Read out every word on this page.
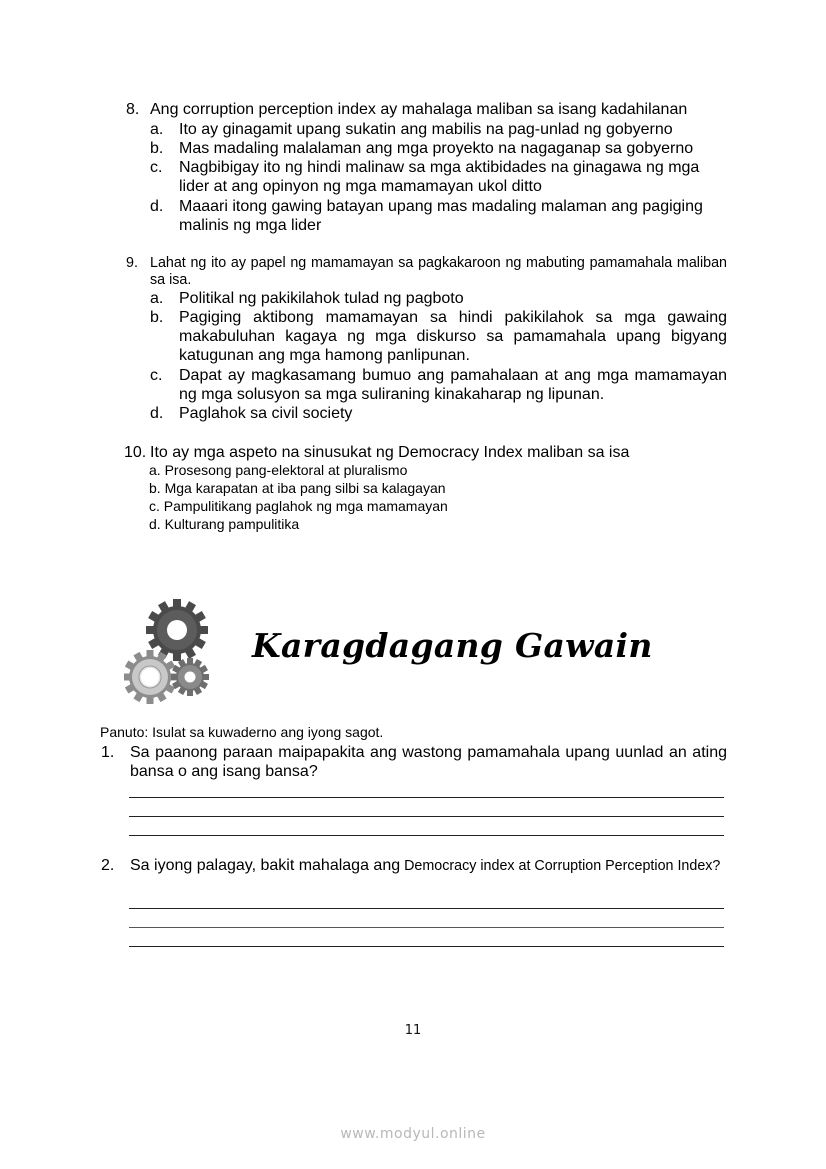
8. Ang corruption perception index ay mahalaga maliban sa isang kadahilanan
a. Ito ay ginagamit upang sukatin ang mabilis na pag-unlad ng gobyerno
b. Mas madaling malalaman ang mga proyekto na nagaganap sa gobyerno
c. Nagbibigay ito ng hindi malinaw sa mga aktibidades na ginagawa ng mga lider at ang opinyon ng mga mamamayan ukol ditto
d. Maaari itong gawing batayan upang mas madaling malaman ang pagiging malinis ng mga lider
9. Lahat ng ito ay papel ng mamamayan sa pagkakaroon ng mabuting pamamahala maliban sa isa.
a. Politikal ng pakikilahok tulad ng pagboto
b. Pagiging aktibong mamamayan sa hindi pakikilahok sa mga gawaing makabuluhan kagaya ng mga diskurso sa pamamahala upang bigyang katugunan ang mga hamong panlipunan.
c. Dapat ay magkasamang bumuo ang pamahalaan at ang mga mamamayan ng mga solusyon sa mga suliraning kinakaharap ng lipunan.
d. Paglahok sa civil society
10. Ito ay mga aspeto na sinusukat ng Democracy Index maliban sa isa
a. Prosesong pang-elektoral at pluralismo
b. Mga karapatan at iba pang silbi sa kalagayan
c. Pampulitikang paglahok ng mga mamamayan
d. Kulturang pampulitika
Karagdagang Gawain
Panuto: Isulat sa kuwaderno ang iyong sagot.
1. Sa paanong paraan maipapakita ang wastong pamamahala upang uunlad an ating bansa o ang isang bansa?
2. Sa iyong palagay, bakit mahalaga ang Democracy index at Corruption Perception Index?
11
www.modyul.online
